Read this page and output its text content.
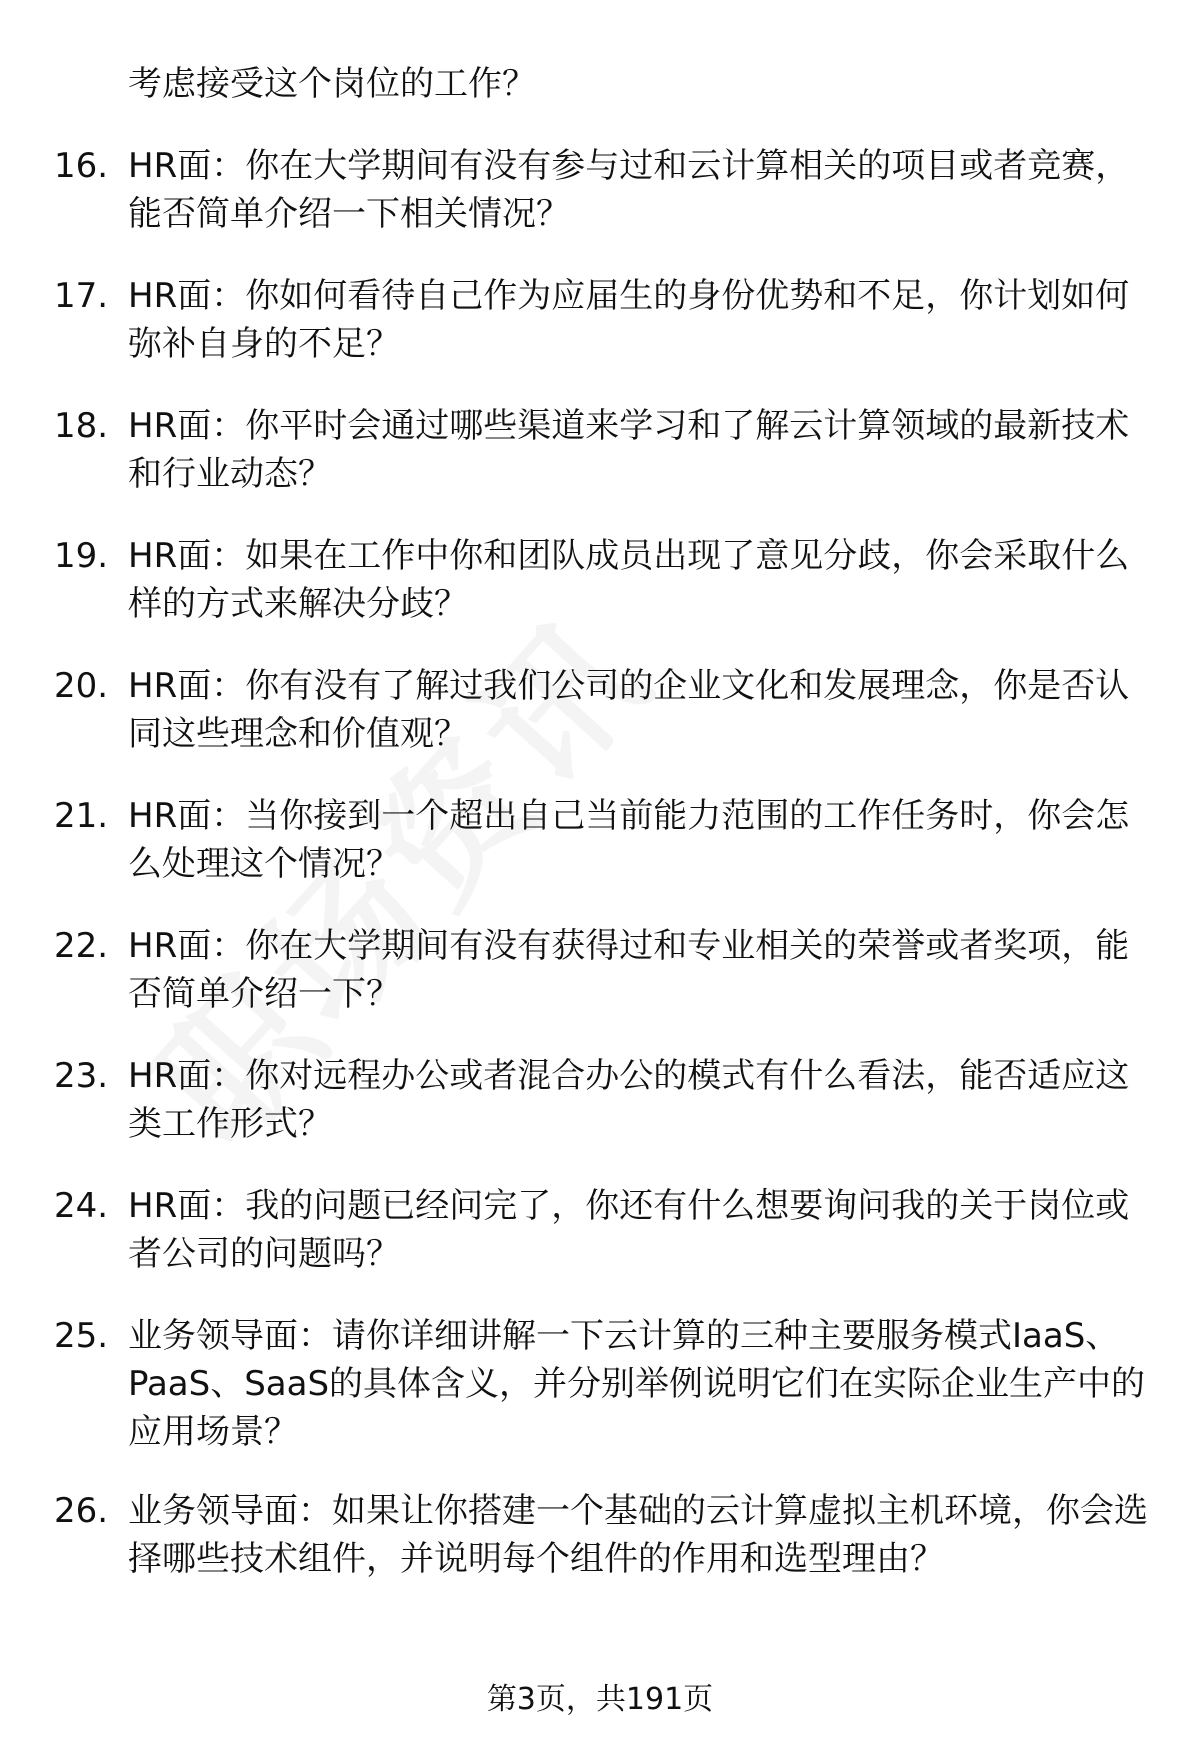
考虑接受这个岗位的工作？
16. HR面：你在大学期间有没有参与过和云计算相关的项目或者竞赛，能否简单介绍一下相关情况？
17. HR面：你如何看待自己作为应届生的身份优势和不足，你计划如何弥补自身的不足？
18. HR面：你平时会通过哪些渠道来学习和了解云计算领域的最新技术和行业动态？
19. HR面：如果在工作中你和团队成员出现了意见分歧，你会采取什么样的方式来解决分歧？
20. HR面：你有没有了解过我们公司的企业文化和发展理念，你是否认同这些理念和价值观？
21. HR面：当你接到一个超出自己当前能力范围的工作任务时，你会怎么处理这个情况？
22. HR面：你在大学期间有没有获得过和专业相关的荣誉或者奖项，能否简单介绍一下？
23. HR面：你对远程办公或者混合办公的模式有什么看法，能否适应这类工作形式？
24. HR面：我的问题已经问完了，你还有什么想要询问我的关于岗位或者公司的问题吗？
25. 业务领导面：请你详细讲解一下云计算的三种主要服务模式IaaS、PaaS、SaaS的具体含义，并分别举例说明它们在实际企业生产中的应用场景？
26. 业务领导面：如果让你搭建一个基础的云计算虚拟主机环境，你会选择哪些技术组件，并说明每个组件的作用和选型理由？
第3页，共191页
